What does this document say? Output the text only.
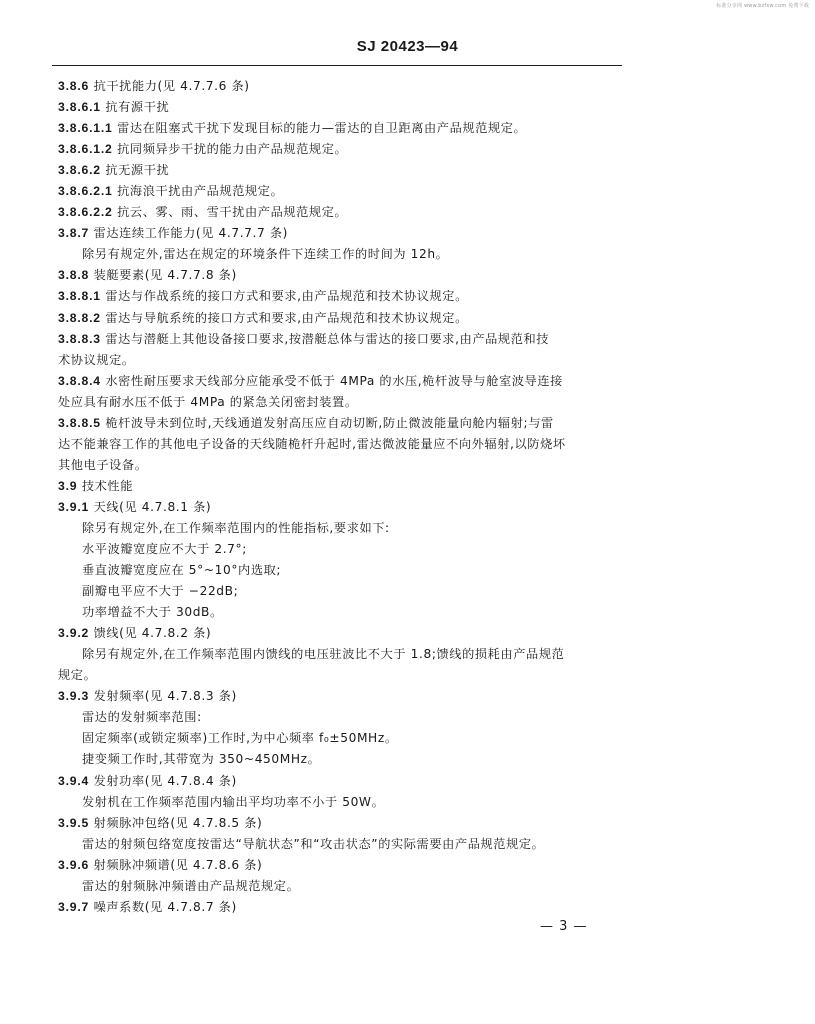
标准分享网 www.bzfxw.com 免费下载
SJ 20423—94
3.8.6 抗干扰能力(见 4.7.7.6 条)
3.8.6.1 抗有源干扰
3.8.6.1.1 雷达在阻塞式干扰下发现目标的能力—雷达的自卫距离由产品规范规定。
3.8.6.1.2 抗同频异步干扰的能力由产品规范规定。
3.8.6.2 抗无源干扰
3.8.6.2.1 抗海浪干扰由产品规范规定。
3.8.6.2.2 抗云、雾、雨、雪干扰由产品规范规定。
3.8.7 雷达连续工作能力(见 4.7.7.7 条)
除另有规定外,雷达在规定的环境条件下连续工作的时间为 12h。
3.8.8 装艇要素(见 4.7.7.8 条)
3.8.8.1 雷达与作战系统的接口方式和要求,由产品规范和技术协议规定。
3.8.8.2 雷达与导航系统的接口方式和要求,由产品规范和技术协议规定。
3.8.8.3 雷达与潜艇上其他设备接口要求,按潜艇总体与雷达的接口要求,由产品规范和技
术协议规定。
3.8.8.4 水密性耐压要求天线部分应能承受不低于 4MPa 的水压,桅杆波导与舱室波导连接
处应具有耐水压不低于 4MPa 的紧急关闭密封装置。
3.8.8.5 桅杆波导未到位时,天线通道发射高压应自动切断,防止微波能量向舱内辐射;与雷
达不能兼容工作的其他电子设备的天线随桅杆升起时,雷达微波能量应不向外辐射,以防烧坏
其他电子设备。
3.9 技术性能
3.9.1 天线(见 4.7.8.1 条)
除另有规定外,在工作频率范围内的性能指标,要求如下:
水平波瓣宽度应不大于 2.7°;
垂直波瓣宽度应在 5°~10°内选取;
副瓣电平应不大于 −22dB;
功率增益不大于 30dB。
3.9.2 馈线(见 4.7.8.2 条)
除另有规定外,在工作频率范围内馈线的电压驻波比不大于 1.8;馈线的损耗由产品规范
规定。
3.9.3 发射频率(见 4.7.8.3 条)
雷达的发射频率范围:
固定频率(或锁定频率)工作时,为中心频率 f₀±50MHz。
捷变频工作时,其带宽为 350~450MHz。
3.9.4 发射功率(见 4.7.8.4 条)
发射机在工作频率范围内输出平均功率不小于 50W。
3.9.5 射频脉冲包络(见 4.7.8.5 条)
雷达的射频包络宽度按雷达“导航状态”和“攻击状态”的实际需要由产品规范规定。
3.9.6 射频脉冲频谱(见 4.7.8.6 条)
雷达的射频脉冲频谱由产品规范规定。
3.9.7 噪声系数(见 4.7.8.7 条)
— 3 —
